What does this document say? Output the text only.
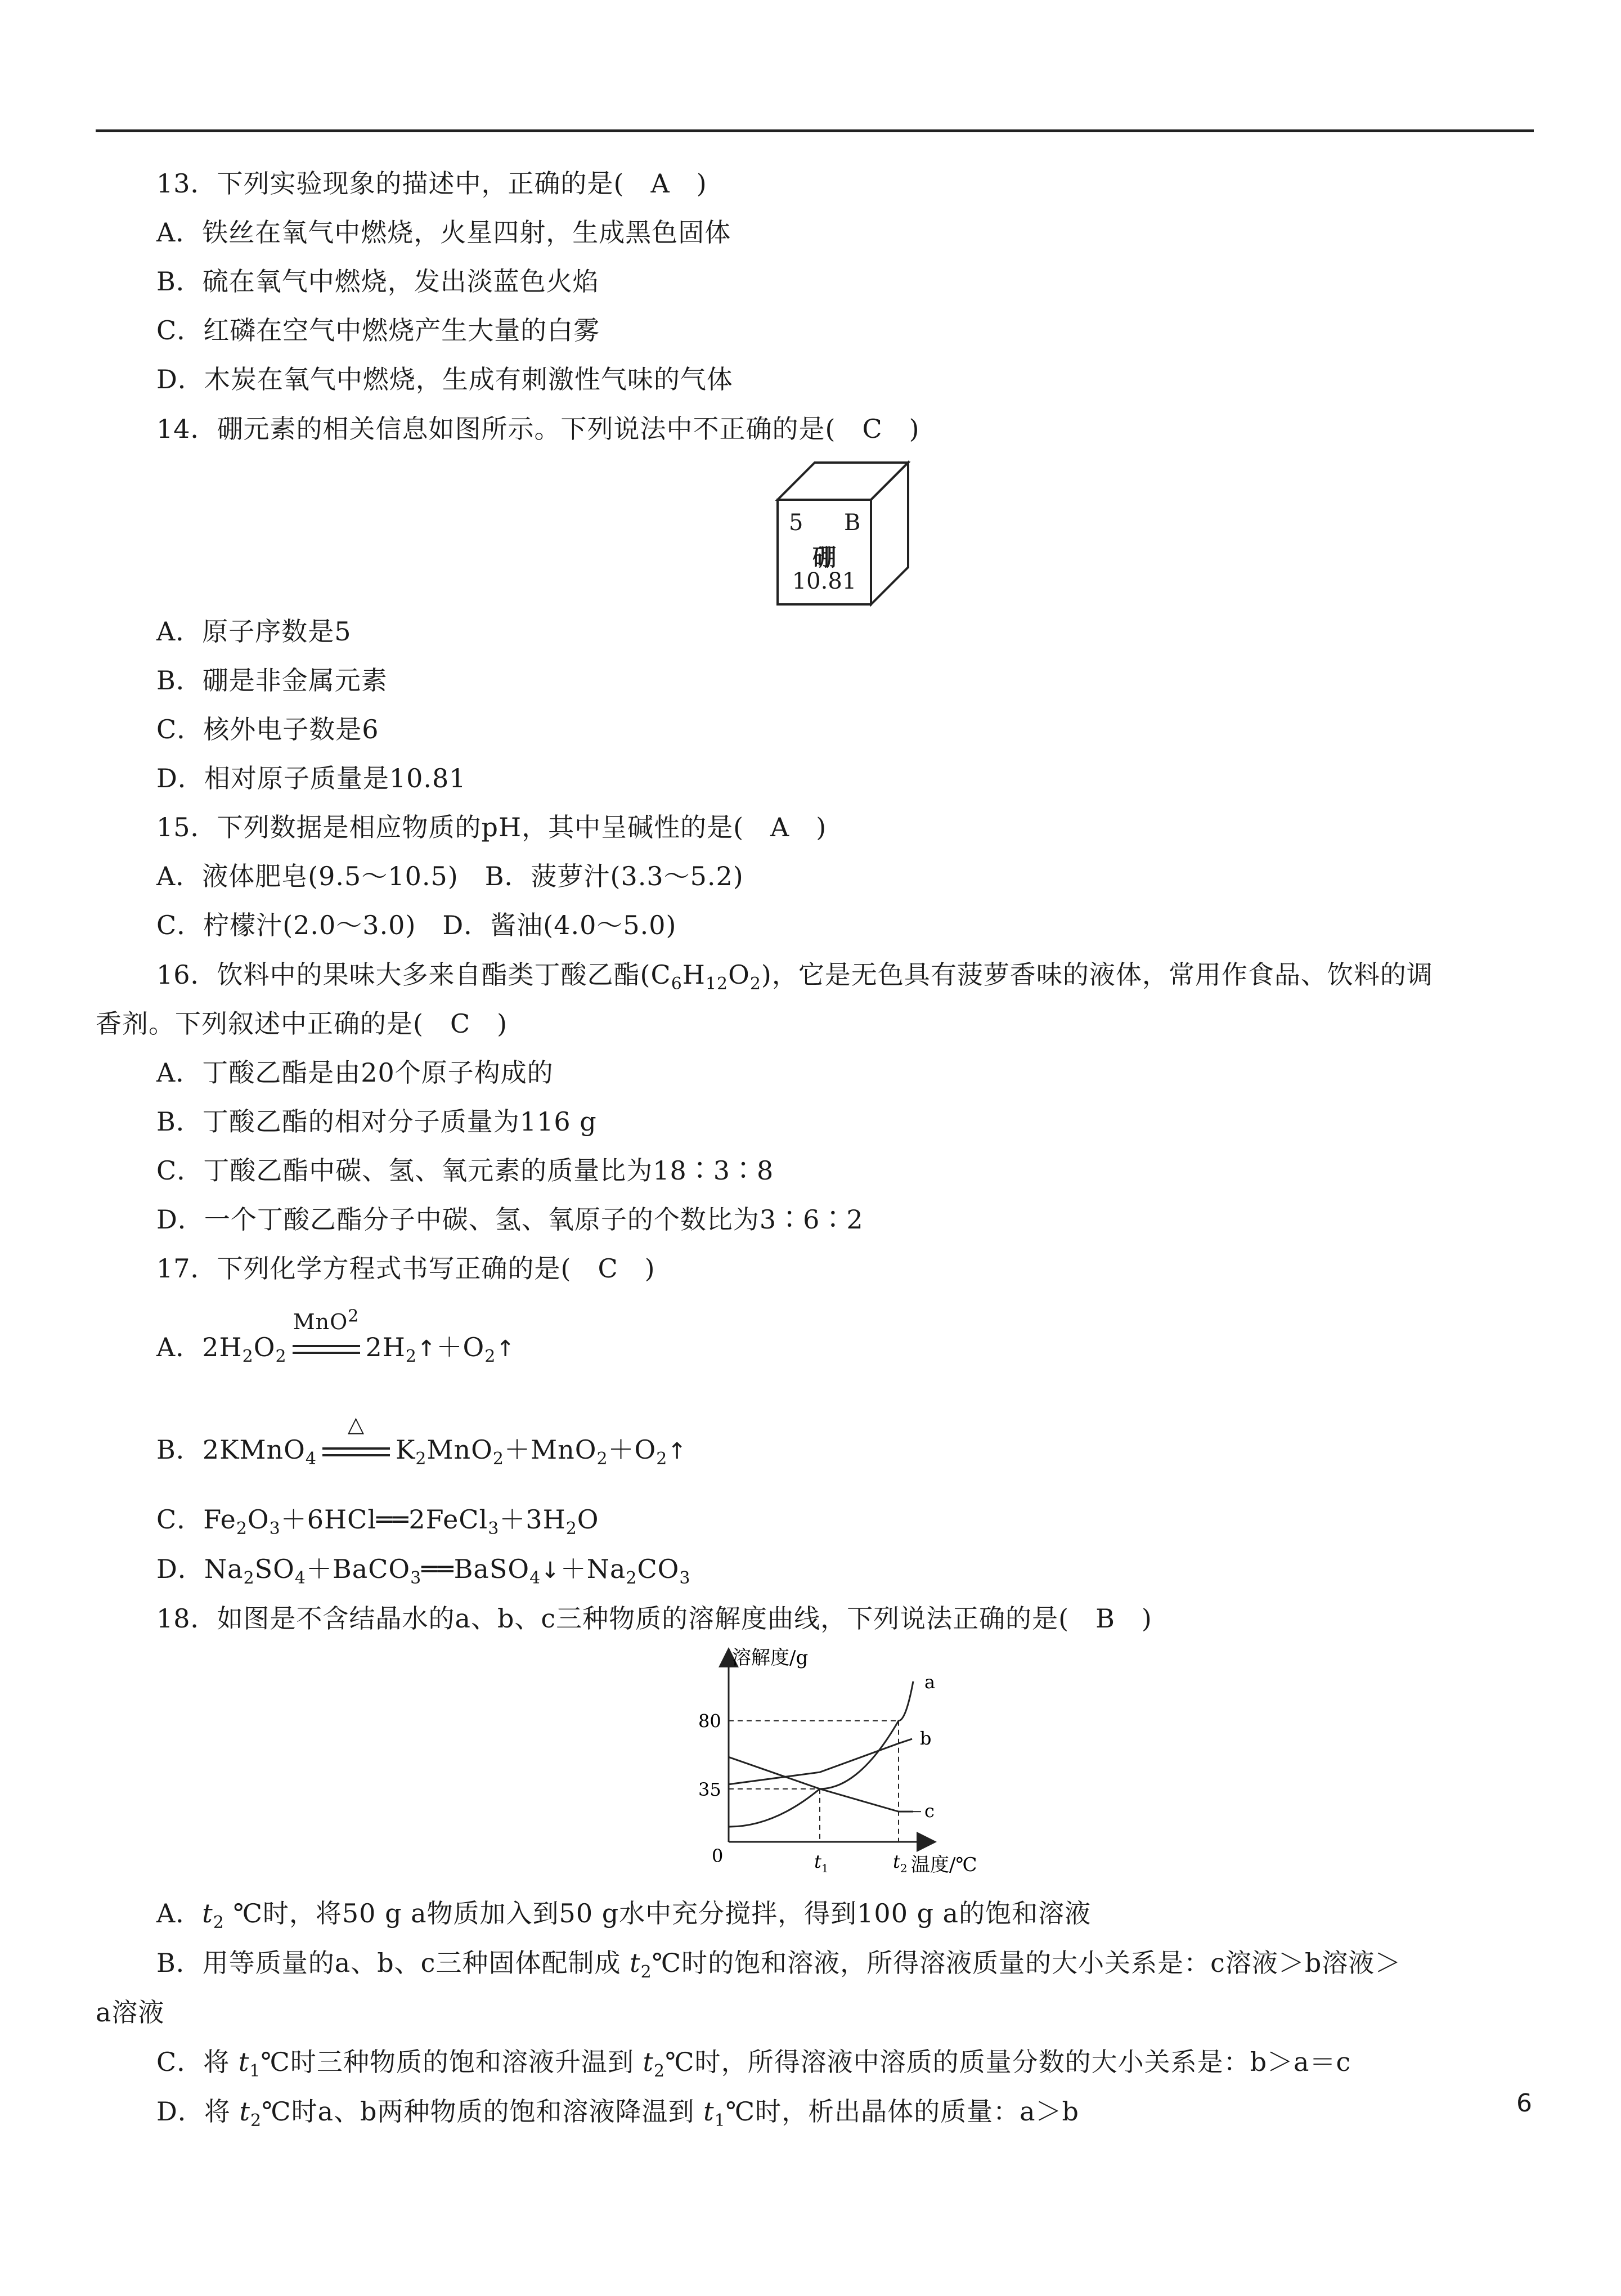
13．下列实验现象的描述中，正确的是(　A　)
A．铁丝在氧气中燃烧，火星四射，生成黑色固体
B．硫在氧气中燃烧，发出淡蓝色火焰
C．红磷在空气中燃烧产生大量的白雾
D．木炭在氧气中燃烧，生成有刺激性气味的气体
14．硼元素的相关信息如图所示。下列说法中不正确的是(　C　)
5 B
硼
10.81
A．原子序数是5
B．硼是非金属元素
C．核外电子数是6
D．相对原子质量是10.81
15．下列数据是相应物质的pH，其中呈碱性的是(　A　)
A．液体肥皂(9.5～10.5)　B．菠萝汁(3.3～5.2)
C．柠檬汁(2.0～3.0)　D．酱油(4.0～5.0)
16．饮料中的果味大多来自酯类丁酸乙酯$(C_6H_{12}O_2)$，它是无色具有菠萝香味的液体，常用作食品、饮料的调
香剂。下列叙述中正确的是(　C　)
A．丁酸乙酯是由20个原子构成的
B．丁酸乙酯的相对分子质量为116 g
C．丁酸乙酯中碳、氢、氧元素的质量比为18∶3∶8
D．一个丁酸乙酯分子中碳、氢、氧原子的个数比为3∶6∶2
17．下列化学方程式书写正确的是(　C　)
A．$2H_2O_2$
MnO$^2$
$2H_2↑+O_2↑$
B．2KMnO$_4$
△
$K_2MnO_2+MnO_2+O_2↑$
C．$Fe_2O_3+6HCl══2FeCl_3+3H_2O$
D．$Na_2SO_4+BaCO_3══BaSO_4↓+Na_2CO_3$
18．如图是不含结晶水的a、b、c三种物质的溶解度曲线，下列说法正确的是(　B　)
溶解度/g
温度/℃
0
80
35
$t_1$	$t_2$
a
b
c
A．$t_2$ ℃时，将50 g a物质加入到50 g水中充分搅拌，得到100 g a的饱和溶液
B．用等质量的a、b、c三种固体配制成 $t_2℃$时的饱和溶液，所得溶液质量的大小关系是：c溶液＞b溶液＞
a溶液
C．将 $t_1℃$时三种物质的饱和溶液升温到 $t_2℃$时，所得溶液中溶质的质量分数的大小关系是：b＞a＝c
D．将 $t_2℃$时a、b两种物质的饱和溶液降温到 $t_1℃$时，析出晶体的质量：a＞b	6
